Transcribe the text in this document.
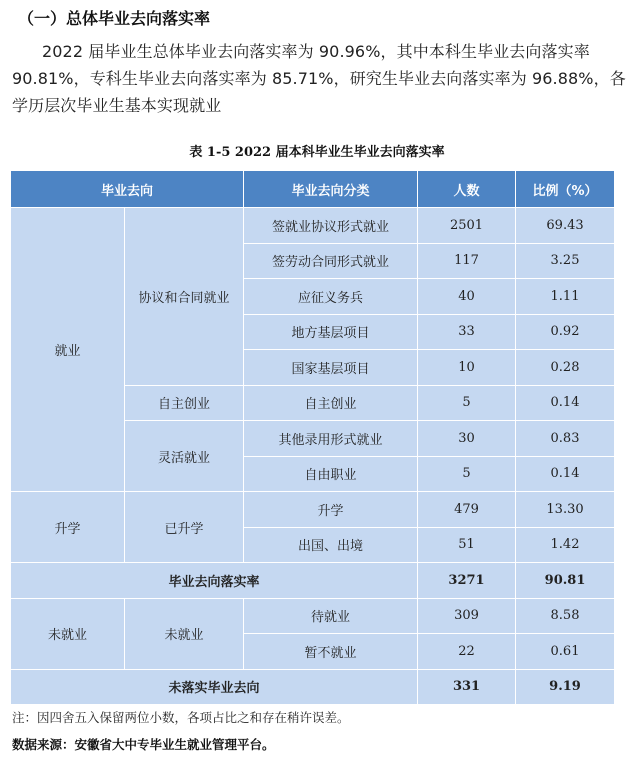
（一）总体毕业去向落实率
2022 届毕业生总体毕业去向落实率为 90.96%，其中本科生毕业去向落实率 90.81%，专科生毕业去向落实率为 85.71%，研究生毕业去向落实率为 96.88%，各学历层次毕业生基本实现就业
表 1-5 2022 届本科毕业生毕业去向落实率
毕业去向		毕业去向分类	人数	比例（%）
就业	协议和合同就业	签就业协议形式就业	2501	69.43
		签劳动合同形式就业	117	3.25
		应征义务兵	40	1.11
		地方基层项目	33	0.92
		国家基层项目	10	0.28
	自主创业	自主创业	5	0.14
	灵活就业	其他录用形式就业	30	0.83
		自由职业	5	0.14
升学	已升学	升学	479	13.30
		出国、出境	51	1.42
毕业去向落实率			3271	90.81
未就业	未就业	待就业	309	8.58
		暂不就业	22	0.61
未落实毕业去向			331	9.19
注：因四舍五入保留两位小数，各项占比之和存在稍许误差。
数据来源：安徽省大中专毕业生就业管理平台。
